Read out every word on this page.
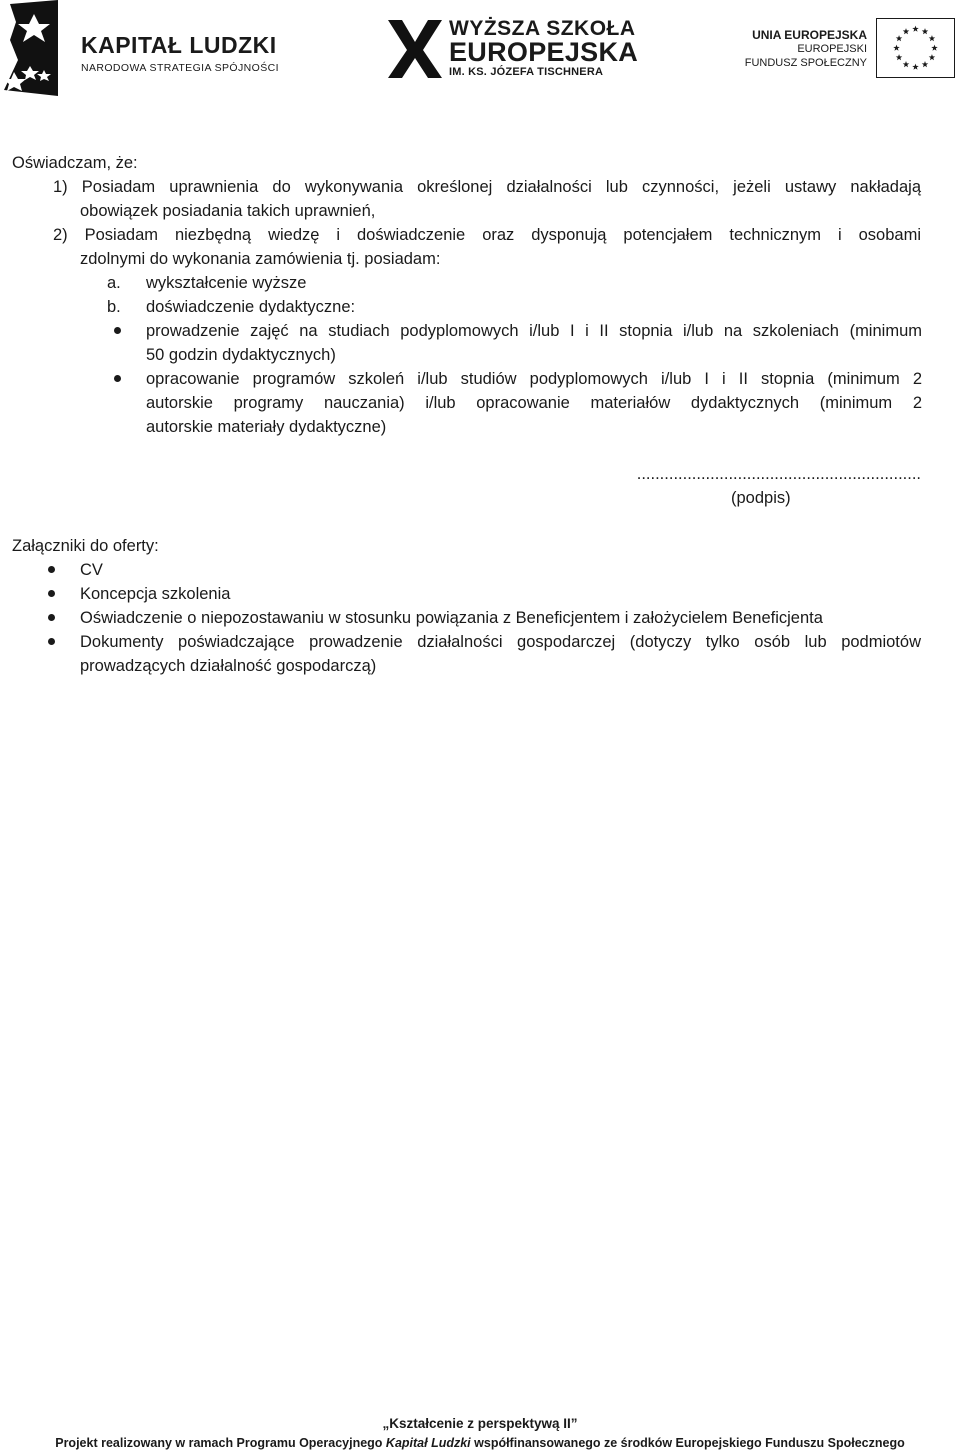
KAPITAŁ LUDZKI
NARODOWA STRATEGIA SPÓJNOŚCI
WYŻSZA SZKOŁA
EUROPEJSKA
IM. KS. JÓZEFA TISCHNERA
UNIA EUROPEJSKA
EUROPEJSKI
FUNDUSZ SPOŁECZNY
Oświadczam, że:
1) Posiadam uprawnienia do wykonywania określonej działalności lub czynności, jeżeli ustawy nakładają
obowiązek posiadania takich uprawnień,
2) Posiadam niezbędną wiedzę i doświadczenie oraz dysponują potencjałem technicznym i osobami
zdolnymi do wykonania zamówienia tj. posiadam:
a. wykształcenie wyższe
b. doświadczenie dydaktyczne:
prowadzenie zajęć na studiach podyplomowych i/lub I i II stopnia i/lub na szkoleniach (minimum
50 godzin dydaktycznych)
opracowanie programów szkoleń i/lub studiów podyplomowych i/lub I i II stopnia (minimum 2
autorskie programy nauczania) i/lub opracowanie materiałów dydaktycznych (minimum 2
autorskie materiały dydaktyczne)
..............................................................
(podpis)
Załączniki do oferty:
CV
Koncepcja szkolenia
Oświadczenie o niepozostawaniu w stosunku powiązania z Beneficjentem i założycielem Beneficjenta
Dokumenty poświadczające prowadzenie działalności gospodarczej (dotyczy tylko osób lub podmiotów
prowadzących działalność gospodarczą)
„Kształcenie z perspektywą II”
Projekt realizowany w ramach Programu Operacyjnego Kapitał Ludzki współfinansowanego ze środków Europejskiego Funduszu Społecznego
